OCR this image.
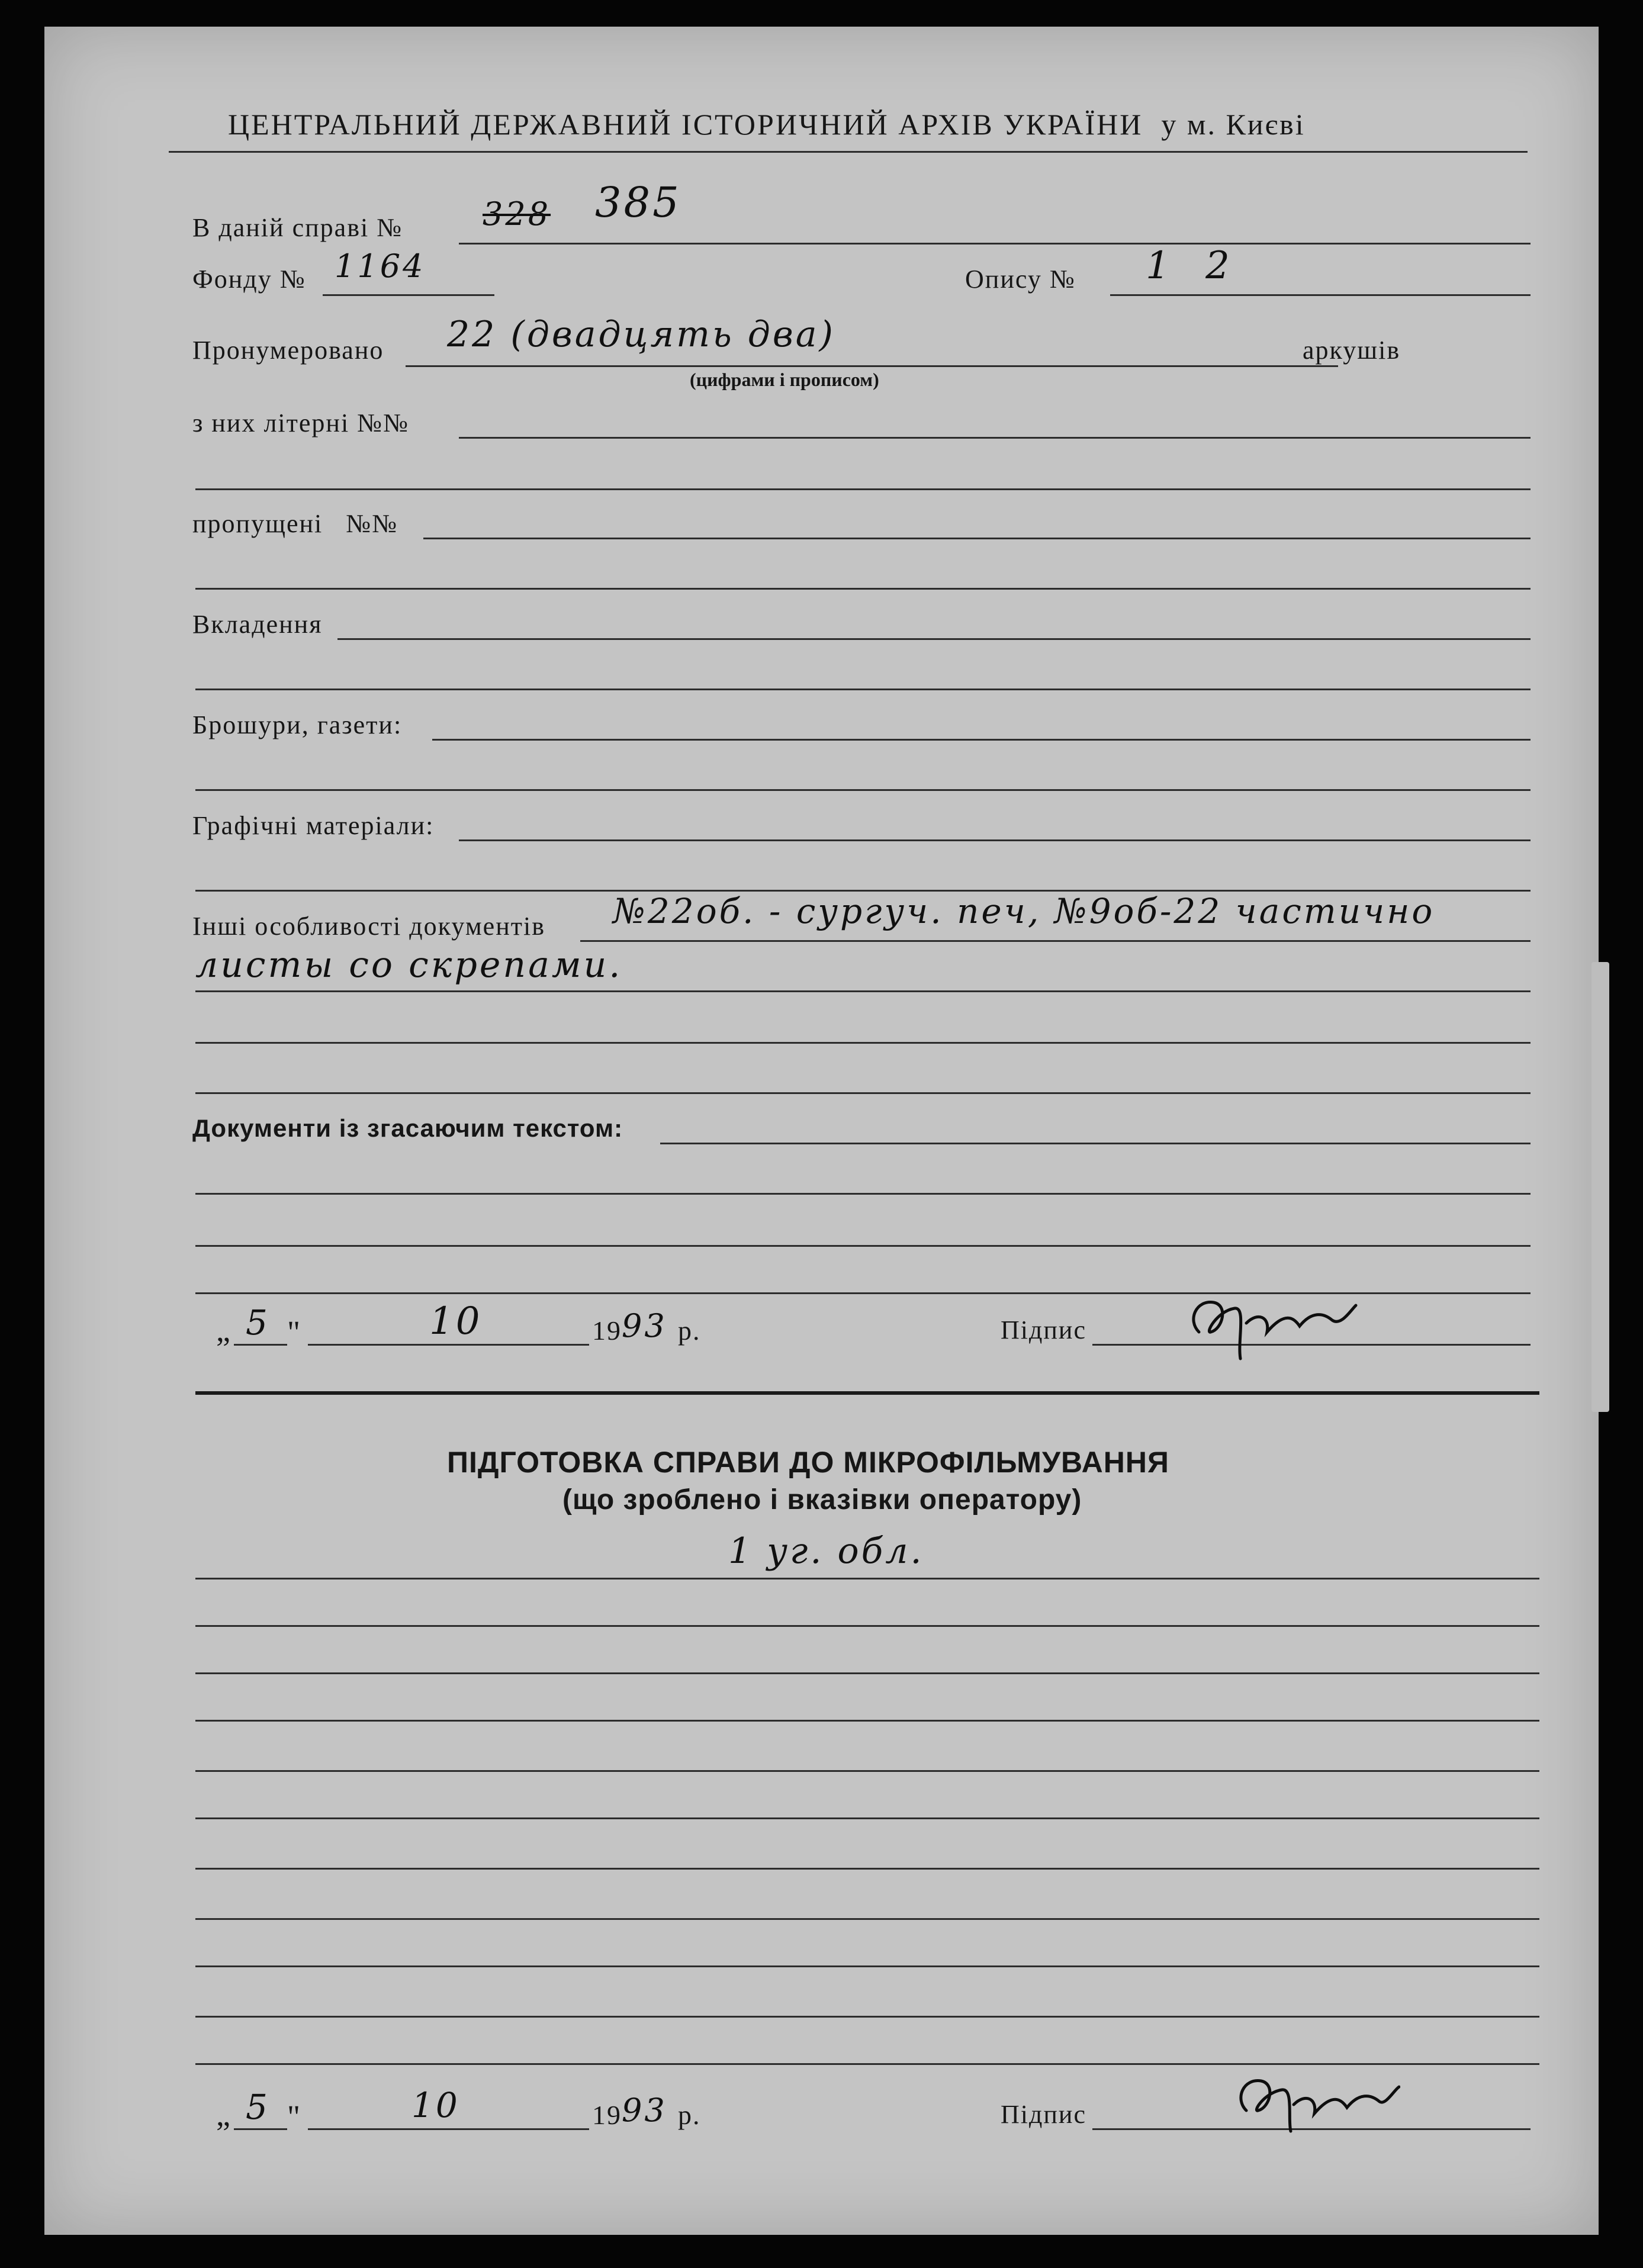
ЦЕНТРАЛЬНИЙ ДЕРЖАВНИЙ ІСТОРИЧНИЙ АРХІВ УКРАЇНИ у м. Києві
В даній справі № 328 385
Фонду № 1164	Опису № 1 2
Пронумеровано 22 (двадцять два)
(цифрами і прописом)
аркушів
з них літерні №№
пропущені   №№
Вкладення
Брошури, газети:
Графічні матеріали:
Інші особливості документів №22об. - сургуч. печ, №9об-22 частично
листы со скрепами.
Документи із згасаючим текстом:
„ 5 "	10	19 93 р.	Підпис
ПІДГОТОВКА СПРАВИ ДО МІКРОФІЛЬМУВАННЯ
(що зроблено і вказівки оператору)
1 уг. обл.
„ 5 "	10	19 93 р.	Підпис
